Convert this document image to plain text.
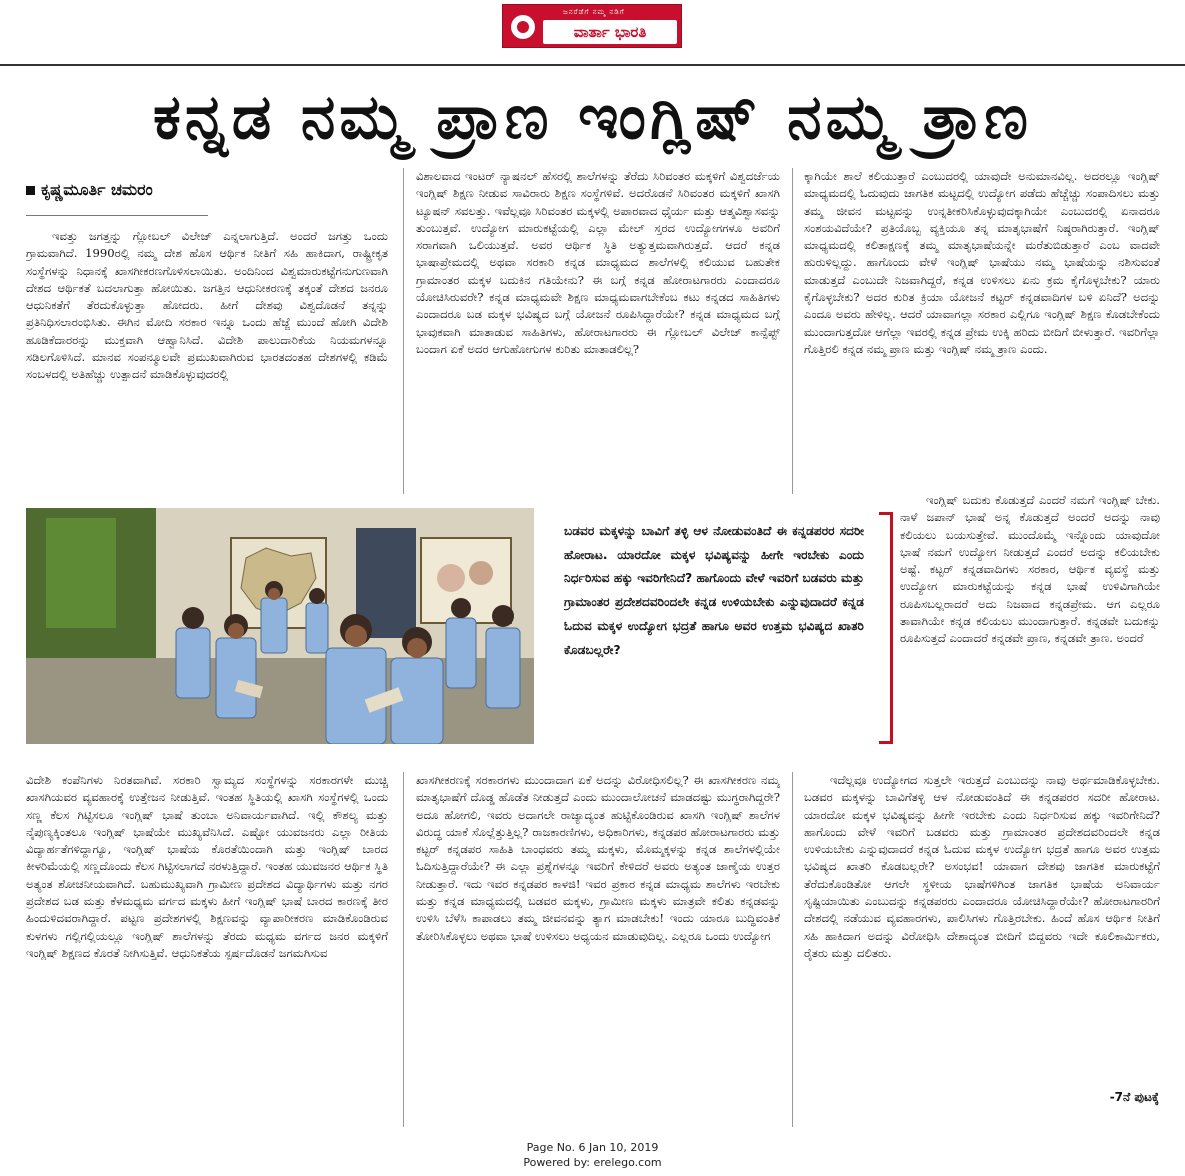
ಜನರೆಡೆಗೆ ನಮ್ಮ ನಡಿಗೆ
ವಾರ್ತಾ ಭಾರತಿ
ಕನ್ನಡ ನಮ್ಮ ಪ್ರಾಣ ಇಂಗ್ಲಿಷ್ ನಮ್ಮ ತ್ರಾಣ
ಕೃಷ್ಣಮೂರ್ತಿ ಚಮರಂ
ಇವತ್ತು ಜಗತ್ತನ್ನು ಗ್ಲೋಬಲ್ ವಿಲೇಜ್ ಎನ್ನಲಾಗುತ್ತಿದೆ. ಅಂದರೆ ಜಗತ್ತು ಒಂದು ಗ್ರಾಮವಾಗಿದೆ. 1990ರಲ್ಲಿ ನಮ್ಮ ದೇಶ ಹೊಸ ಆರ್ಥಿಕ ನೀತಿಗೆ ಸಹಿ ಹಾಕಿದಾಗ, ರಾಷ್ಟ್ರೀಕೃತ ಸಂಸ್ಥೆಗಳನ್ನು ನಿಧಾನಕ್ಕೆ ಖಾಸಗೀಕರಣಗೊಳಿಸಲಾಯಿತು. ಅಂದಿನಿಂದ ವಿಶ್ವಮಾರುಕಟ್ಟೆಗನುಗುಣವಾಗಿ ದೇಶದ ಆರ್ಥಿಕತೆ ಬದಲಾಗುತ್ತಾ ಹೋಯಿತು. ಜಗತ್ತಿನ ಆಧುನೀಕರಣಕ್ಕೆ ತಕ್ಕಂತೆ ದೇಶದ ಜನರೂ ಆಧುನಿಕತೆಗೆ ತೆರದುಕೊಳ್ಳುತ್ತಾ ಹೋದರು. ಹೀಗೆ ದೇಶವು ವಿಶ್ವದೊಡನೆ ತನ್ನನ್ನು ಪ್ರತಿನಿಧಿಸಲಾರಂಭಿಸಿತು. ಈಗಿನ ಮೋದಿ ಸರಕಾರ ಇನ್ನೂ ಒಂದು ಹೆಜ್ಜೆ ಮುಂದೆ ಹೋಗಿ ವಿದೇಶಿ ಹೂಡಿಕೆದಾರರನ್ನು ಮುಕ್ತವಾಗಿ ಆಹ್ವಾನಿಸಿದೆ. ವಿದೇಶಿ ಪಾಲುದಾರಿಕೆಯ ನಿಯಮಗಳನ್ನೂ ಸಡಿಲಗೊಳಿಸಿದೆ. ಮಾನವ ಸಂಪನ್ಮೂಲವೇ ಪ್ರಮುಖವಾಗಿರುವ ಭಾರತದಂತಹ ದೇಶಗಳಲ್ಲಿ ಕಡಿಮೆ ಸಂಬಳದಲ್ಲಿ ಅತಿಹೆಚ್ಚು ಉತ್ಪಾದನೆ ಮಾಡಿಕೊಳ್ಳುವುದರಲ್ಲಿ
ವಿಶಾಲವಾದ ಇಂಟರ್ ನ್ಯಾಷನಲ್ ಹೆಸರಲ್ಲಿ ಶಾಲೆಗಳನ್ನು ತೆರೆದು ಸಿರಿವಂತರ ಮಕ್ಕಳಿಗೆ ವಿಶ್ವದರ್ಜೆಯ ಇಂಗ್ಲಿಷ್ ಶಿಕ್ಷಣ ನೀಡುವ ಸಾವಿರಾರು ಶಿಕ್ಷಣ ಸಂಸ್ಥೆಗಳಿವೆ. ಅದರೊಡನೆ ಸಿರಿವಂತರ ಮಕ್ಕಳಿಗೆ ಖಾಸಗಿ ಟ್ಯೂಷನ್ ಸವಲತ್ತು. ಇವೆಲ್ಲವೂ ಸಿರಿವಂತರ ಮಕ್ಕಳಲ್ಲಿ ಅಪಾರವಾದ ಧೈರ್ಯ ಮತ್ತು ಆತ್ಮವಿಶ್ವಾಸವನ್ನು ತುಂಬುತ್ತವೆ. ಉದ್ಯೋಗ ಮಾರುಕಟ್ಟೆಯಲ್ಲಿ ಎಲ್ಲಾ ಮೇಲ್ ಸ್ತರದ ಉದ್ಯೋಗಗಳೂ ಅವರಿಗೆ ಸರಾಗವಾಗಿ ಒಲಿಯುತ್ತವೆ. ಅವರ ಆರ್ಥಿಕ ಸ್ಥಿತಿ ಅತ್ಯುತ್ತಮವಾಗಿರುತ್ತದೆ. ಆದರೆ ಕನ್ನಡ ಭಾಷಾಪ್ರೇಮದಲ್ಲಿ ಅಥವಾ ಸರಕಾರಿ ಕನ್ನಡ ಮಾಧ್ಯಮದ ಶಾಲೆಗಳಲ್ಲಿ ಕಲಿಯುವ ಬಹುತೇಕ ಗ್ರಾಮಾಂತರ ಮಕ್ಕಳ ಬದುಕಿನ ಗತಿಯೇನು? ಈ ಬಗ್ಗೆ ಕನ್ನಡ ಹೋರಾಟಗಾರರು ಎಂದಾದರೂ ಯೋಚಿಸಿರುವರೇ? ಕನ್ನಡ ಮಾಧ್ಯಮವೇ ಶಿಕ್ಷಣ ಮಾಧ್ಯಮವಾಗಬೇಕೆಂಬ ಕಟು ಕನ್ನಡದ ಸಾಹಿತಿಗಳು ಎಂದಾದರೂ ಬಡ ಮಕ್ಕಳ ಭವಿಷ್ಯದ ಬಗ್ಗೆ ಯೋಜನೆ ರೂಪಿಸಿದ್ದಾರೆಯೇ? ಕನ್ನಡ ಮಾಧ್ಯಮದ ಬಗ್ಗೆ ಭಾವುಕವಾಗಿ ಮಾತಾಡುವ ಸಾಹಿತಿಗಳು, ಹೋರಾಟಗಾರರು ಈ ಗ್ಲೋಬಲ್ ವಿಲೇಜ್ ಕಾನ್ಸೆಪ್ಟ್ ಬಂದಾಗ ಏಕೆ ಅದರ ಆಗುಹೋಗುಗಳ ಕುರಿತು ಮಾತಾಡಲಿಲ್ಲ?
ಕ್ಕಾಗಿಯೇ ಶಾಲೆ ಕಲಿಯುತ್ತಾರೆ ಎಂಬುದರಲ್ಲಿ ಯಾವುದೇ ಅನುಮಾನವಿಲ್ಲ. ಅದರಲ್ಲೂ ಇಂಗ್ಲಿಷ್ ಮಾಧ್ಯಮದಲ್ಲಿ ಓದುವುದು ಜಾಗತಿಕ ಮಟ್ಟದಲ್ಲಿ ಉದ್ಯೋಗ ಪಡೆದು ಹೆಚ್ಚೆಚ್ಚು ಸಂಪಾದಿಸಲು ಮತ್ತು ತಮ್ಮ ಜೀವನ ಮಟ್ಟವನ್ನು ಉನ್ನತೀಕರಿಸಿಕೊಳ್ಳುವುದಕ್ಕಾಗಿಯೇ ಎಂಬುದರಲ್ಲಿ ಏನಾದರೂ ಸಂಶಯವಿದೆಯೇ? ಪ್ರತಿಯೊಬ್ಬ ವ್ಯಕ್ತಿಯೂ ತನ್ನ ಮಾತೃಭಾಷೆಗೆ ನಿಷ್ಠರಾಗಿರುತ್ತಾರೆ. ಇಂಗ್ಲಿಷ್ ಮಾಧ್ಯಮದಲ್ಲಿ ಕಲಿತಾಕ್ಷಣಕ್ಕೆ ತಮ್ಮ ಮಾತೃಭಾಷೆಯನ್ನೇ ಮರೆತುಬಿಡುತ್ತಾರೆ ಎಂಬ ವಾದವೇ ಹುರುಳಿಲ್ಲದ್ದು. ಹಾಗೊಂದು ವೇಳೆ ಇಂಗ್ಲಿಷ್ ಭಾಷೆಯು ನಮ್ಮ ಭಾಷೆಯನ್ನು ನಶಿಸುವಂತೆ ಮಾಡುತ್ತದೆ ಎಂಬುದೇ ನಿಜವಾಗಿದ್ದರೆ, ಕನ್ನಡ ಉಳಿಸಲು ಏನು ಕ್ರಮ ಕೈಗೊಳ್ಳಬೇಕು? ಯಾರು ಕೈಗೊಳ್ಳಬೇಕು? ಅದರ ಕುರಿತ ಕ್ರಿಯಾ ಯೋಜನೆ ಕಟ್ಟರ್ ಕನ್ನಡವಾದಿಗಳ ಬಳಿ ಏನಿದೆ? ಅದನ್ನು ಎಂದೂ ಅವರು ಹೇಳಿಲ್ಲ. ಆದರೆ ಯಾವಾಗಲ್ಲಾ ಸರಕಾರ ಎಲ್ಲಿಗೂ ಇಂಗ್ಲಿಷ್ ಶಿಕ್ಷಣ ಕೊಡಬೇಕೆಂದು ಮುಂದಾಗುತ್ತದೋ ಆಗೆಲ್ಲಾ ಇವರಲ್ಲಿ ಕನ್ನಡ ಪ್ರೇಮ ಉಕ್ಕಿ ಹರಿದು ಬೀದಿಗೆ ಬೀಳುತ್ತಾರೆ. ಇವರಿಗೆಲ್ಲಾ ಗೊತ್ತಿರಲಿ ಕನ್ನಡ ನಮ್ಮ ಪ್ರಾಣ ಮತ್ತು ಇಂಗ್ಲಿಷ್ ನಮ್ಮ ತ್ರಾಣ ಎಂದು.
ಬಡವರ ಮಕ್ಕಳನ್ನು ಬಾವಿಗೆ ತಳ್ಳಿ ಆಳ ನೋಡುವಂತಿದೆ ಈ ಕನ್ನಡಪರರ ಸದರೀ ಹೋರಾಟ. ಯಾರದೋ ಮಕ್ಕಳ ಭವಿಷ್ಯವನ್ನು ಹೀಗೇ ಇರಬೇಕು ಎಂದು ನಿರ್ಧರಿಸುವ ಹಕ್ಕು ಇವರಿಗೇನಿದೆ? ಹಾಗೊಂದು ವೇಳೆ ಇವರಿಗೆ ಬಡವರು ಮತ್ತು ಗ್ರಾಮಾಂತರ ಪ್ರದೇಶದವರಿಂದಲೇ ಕನ್ನಡ ಉಳಿಯಬೇಕು ಎನ್ನುವುದಾದರೆ ಕನ್ನಡ ಓದುವ ಮಕ್ಕಳ ಉದ್ಯೋಗ ಭದ್ರತೆ ಹಾಗೂ ಅವರ ಉತ್ತಮ ಭವಿಷ್ಯದ ಖಾತರಿ ಕೊಡಬಲ್ಲರೇ?
ಇಂಗ್ಲಿಷ್ ಬದುಕು ಕೊಡುತ್ತದೆ ಎಂದರೆ ನಮಗೆ ಇಂಗ್ಲಿಷ್ ಬೇಕು. ನಾಳೆ ಜಪಾನ್ ಭಾಷೆ ಅನ್ನ ಕೊಡುತ್ತದೆ ಅಂದರೆ ಅದನ್ನು ನಾವು ಕಲಿಯಲು ಬಯಸುತ್ತೇವೆ. ಮುಂದೊಮ್ಮೆ ಇನ್ನೊಂದು ಯಾವುದೋ ಭಾಷೆ ನಮಗೆ ಉದ್ಯೋಗ ನೀಡುತ್ತದೆ ಎಂದರೆ ಅದನ್ನು ಕಲಿಯಬೇಕು ಅಷ್ಟೆ. ಕಟ್ಟರ್ ಕನ್ನಡವಾದಿಗಳು ಸರಕಾರ, ಆರ್ಥಿಕ ವ್ಯವಸ್ಥೆ ಮತ್ತು ಉದ್ಯೋಗ ಮಾರುಕಟ್ಟೆಯನ್ನು ಕನ್ನಡ ಭಾಷೆ ಉಳಿವಿಗಾಗಿಯೇ ರೂಪಿಸಬಲ್ಲರಾದರೆ ಅದು ನಿಜವಾದ ಕನ್ನಡಪ್ರೇಮ. ಆಗ ಎಲ್ಲರೂ ತಾವಾಗಿಯೇ ಕನ್ನಡ ಕಲಿಯಲು ಮುಂದಾಗುತ್ತಾರೆ. ಕನ್ನಡವೇ ಬದುಕನ್ನು ರೂಪಿಸುತ್ತದೆ ಎಂದಾದರೆ ಕನ್ನಡವೇ ಪ್ರಾಣ, ಕನ್ನಡವೇ ತ್ರಾಣ. ಅಂದರೆ
ವಿದೇಶಿ ಕಂಪೆನಿಗಳು ನಿರತವಾಗಿವೆ. ಸರಕಾರಿ ಸ್ವಾಮ್ಯದ ಸಂಸ್ಥೆಗಳನ್ನು ಸರಕಾರಗಳೇ ಮುಚ್ಚಿ ಖಾಸಗಿಯವರ ವ್ಯವಹಾರಕ್ಕೆ ಉತ್ತೇಜನ ನೀಡುತ್ತಿವೆ. ಇಂತಹ ಸ್ಥಿತಿಯಲ್ಲಿ ಖಾಸಗಿ ಸಂಸ್ಥೆಗಳಲ್ಲಿ ಒಂದು ಸಣ್ಣ ಕೆಲಸ ಗಿಟ್ಟಿಸಲೂ ಇಂಗ್ಲಿಷ್ ಭಾಷೆ ತುಂಬಾ ಅನಿವಾರ್ಯವಾಗಿದೆ. ಇಲ್ಲಿ ಕೌಶಲ್ಯ ಮತ್ತು ನೈಪುಣ್ಯಕ್ಕಿಂತಲೂ ಇಂಗ್ಲಿಷ್ ಭಾಷೆಯೇ ಮುಖ್ಯವೆನಿಸಿದೆ. ಎಷ್ಟೋ ಯುವಜನರು ಎಲ್ಲಾ ರೀತಿಯ ವಿದ್ಯಾರ್ಹತೆಗಳಿದ್ದಾಗ್ಯೂ, ಇಂಗ್ಲಿಷ್ ಭಾಷೆಯ ಕೊರತೆಯಿಂದಾಗಿ ಮತ್ತು ಇಂಗ್ಲಿಷ್ ಬಾರದ ಕೀಳರಿಮೆಯಲ್ಲಿ ಸಣ್ಣದೊಂದು ಕೆಲಸ ಗಿಟ್ಟಿಸಲಾಗದೆ ನರಳುತ್ತಿದ್ದಾರೆ. ಇಂತಹ ಯುವಜನರ ಆರ್ಥಿಕ ಸ್ಥಿತಿ ಅತ್ಯಂತ ಶೋಚನೀಯವಾಗಿದೆ. ಬಹುಮುಖ್ಯವಾಗಿ ಗ್ರಾಮೀಣ ಪ್ರದೇಶದ ವಿದ್ಯಾರ್ಥಿಗಳು ಮತ್ತು ನಗರ ಪ್ರದೇಶದ ಬಡ ಮತ್ತು ಕೆಳಮಧ್ಯಮ ವರ್ಗದ ಮಕ್ಕಳು ಹೀಗೆ ಇಂಗ್ಲಿಷ್ ಭಾಷೆ ಬಾರದ ಕಾರಣಕ್ಕೆ ತೀರ ಹಿಂದುಳಿದವರಾಗಿದ್ದಾರೆ. ಪಟ್ಟಣ ಪ್ರದೇಶಗಳಲ್ಲಿ ಶಿಕ್ಷಣವನ್ನು ವ್ಯಾಪಾರೀಕರಣ ಮಾಡಿಕೊಂಡಿರುವ ಕುಳಗಳು ಗಲ್ಲಿಗಲ್ಲಿಯಲ್ಲೂ ಇಂಗ್ಲಿಷ್ ಶಾಲೆಗಳನ್ನು ತೆರದು ಮಧ್ಯಮ ವರ್ಗದ ಜನರ ಮಕ್ಕಳಿಗೆ ಇಂಗ್ಲಿಷ್ ಶಿಕ್ಷಣದ ಕೊರತೆ ನೀಗಿಸುತ್ತಿವೆ. ಆಧುನಿಕತೆಯ ಸ್ಪರ್ಷದೊಡನೆ ಜಗಮಗಿಸುವ
ಖಾಸಗೀಕರಣಕ್ಕೆ ಸರಕಾರಗಳು ಮುಂದಾದಾಗ ಏಕೆ ಅದನ್ನು ವಿರೋಧಿಸಲಿಲ್ಲ? ಈ ಖಾಸಗೀಕರಣ ನಮ್ಮ ಮಾತೃಭಾಷೆಗೆ ದೊಡ್ಡ ಹೊಡೆತ ನೀಡುತ್ತದೆ ಎಂದು ಮುಂದಾಲೋಚನೆ ಮಾಡದಷ್ಟು ಮುಗ್ಧರಾಗಿದ್ದರೇ? ಅದೂ ಹೋಗಲಿ, ಇವರು ಅದಾಗಲೇ ರಾಜ್ಯಾದ್ಯಂತ ಹುಟ್ಟಿಕೊಂಡಿರುವ ಖಾಸಗಿ ಇಂಗ್ಲಿಷ್ ಶಾಲೆಗಳ ವಿರುದ್ಧ ಯಾಕೆ ಸೊಲ್ಲೆತ್ತುತ್ತಿಲ್ಲ? ರಾಜಕಾರಣಿಗಳು, ಅಧಿಕಾರಿಗಳು, ಕನ್ನಡಪರ ಹೋರಾಟಗಾರರು ಮತ್ತು ಕಟ್ಟರ್ ಕನ್ನಡಪರ ಸಾಹಿತಿ ಬಾಂಧವರು ತಮ್ಮ ಮಕ್ಕಳು, ಮೊಮ್ಮಕ್ಕಳನ್ನು ಕನ್ನಡ ಶಾಲೆಗಳಲ್ಲಿಯೇ ಓದಿಸುತ್ತಿದ್ದಾರೆಯೇ? ಈ ಎಲ್ಲಾ ಪ್ರಶ್ನೆಗಳನ್ನೂ ಇವರಿಗೆ ಕೇಳಿದರೆ ಅವರು ಅತ್ಯಂತ ಜಾಣ್ಮೆಯ ಉತ್ತರ ನೀಡುತ್ತಾರೆ. ಇದು ಇವರ ಕನ್ನಡಪರ ಕಾಳಜಿ! ಇವರ ಪ್ರಕಾರ ಕನ್ನಡ ಮಾಧ್ಯಮ ಶಾಲೆಗಳು ಇರಬೇಕು ಮತ್ತು ಕನ್ನಡ ಮಾಧ್ಯಮದಲ್ಲಿ ಬಡವರ ಮಕ್ಕಳು, ಗ್ರಾಮೀಣ ಮಕ್ಕಳು ಮಾತ್ರವೇ ಕಲಿತು ಕನ್ನಡವನ್ನು ಉಳಿಸಿ ಬೆಳೆಸಿ ಕಾಪಾಡಲು ತಮ್ಮ ಜೀವನವನ್ನು ತ್ಯಾಗ ಮಾಡಬೇಕು! ಇಂದು ಯಾರೂ ಬುದ್ಧಿವಂತಿಕೆ ತೋರಿಸಿಕೊಳ್ಳಲು ಅಥವಾ ಭಾಷೆ ಉಳಿಸಲು ಅಧ್ಯಯನ ಮಾಡುವುದಿಲ್ಲ. ಎಲ್ಲರೂ ಒಂದು ಉದ್ಯೋಗ
ಇದೆಲ್ಲವೂ ಉದ್ಯೋಗದ ಸುತ್ತಲೇ ಇರುತ್ತದೆ ಎಂಬುದನ್ನು ನಾವು ಅರ್ಥಮಾಡಿಕೊಳ್ಳಬೇಕು. ಬಡವರ ಮಕ್ಕಳನ್ನು ಬಾವಿಗೆತಳ್ಳಿ ಆಳ ನೋಡುವಂತಿದೆ ಈ ಕನ್ನಡಪರರ ಸದರೀ ಹೋರಾಟ. ಯಾರದೋ ಮಕ್ಕಳ ಭವಿಷ್ಯವನ್ನು ಹೀಗೇ ಇರಬೇಕು ಎಂದು ನಿರ್ಧರಿಸುವ ಹಕ್ಕು ಇವರಿಗೇನಿದೆ? ಹಾಗೊಂದು ವೇಳೆ ಇವರಿಗೆ ಬಡವರು ಮತ್ತು ಗ್ರಾಮಾಂತರ ಪ್ರದೇಶದವರಿಂದಲೇ ಕನ್ನಡ ಉಳಿಯಬೇಕು ಎನ್ನುವುದಾದರೆ ಕನ್ನಡ ಓದುವ ಮಕ್ಕಳ ಉದ್ಯೋಗ ಭದ್ರತೆ ಹಾಗೂ ಅವರ ಉತ್ತಮ ಭವಿಷ್ಯದ ಖಾತರಿ ಕೊಡಬಲ್ಲರೇ? ಅಸಂಭವ! ಯಾವಾಗ ದೇಶವು ಜಾಗತಿಕ ಮಾರುಕಟ್ಟೆಗೆ ತೆರೆದುಕೊಂಡಿತೋ ಆಗಲೇ ಸ್ಥಳೀಯ ಭಾಷೆಗಳಿಗಿಂತ ಜಾಗತಿಕ ಭಾಷೆಯ ಅನಿವಾರ್ಯ ಸೃಷ್ಟಿಯಾಯಿತು ಎಂಬುದನ್ನು ಕನ್ನಡಪರರು ಎಂದಾದರೂ ಯೋಚಿಸಿದ್ದಾರೆಯೇ? ಹೋರಾಟಗಾರರಿಗೆ ದೇಶದಲ್ಲಿ ನಡೆಯುವ ವ್ಯವಹಾರಗಳು, ಪಾಲಿಸಿಗಳು ಗೊತ್ತಿರಬೇಕು. ಹಿಂದೆ ಹೊಸ ಆರ್ಥಿಕ ನೀತಿಗೆ ಸಹಿ ಹಾಕಿದಾಗ ಅದನ್ನು ವಿರೋಧಿಸಿ ದೇಶಾದ್ಯಂತ ಬೀದಿಗೆ ಬಿದ್ದವರು ಇದೇ ಕೂಲಿಕಾರ್ಮಿಕರು, ರೈತರು ಮತ್ತು ದಲಿತರು.
-7ನೆ ಪುಟಕ್ಕೆ
Page No. 6 Jan 10, 2019
Powered by: erelego.com
